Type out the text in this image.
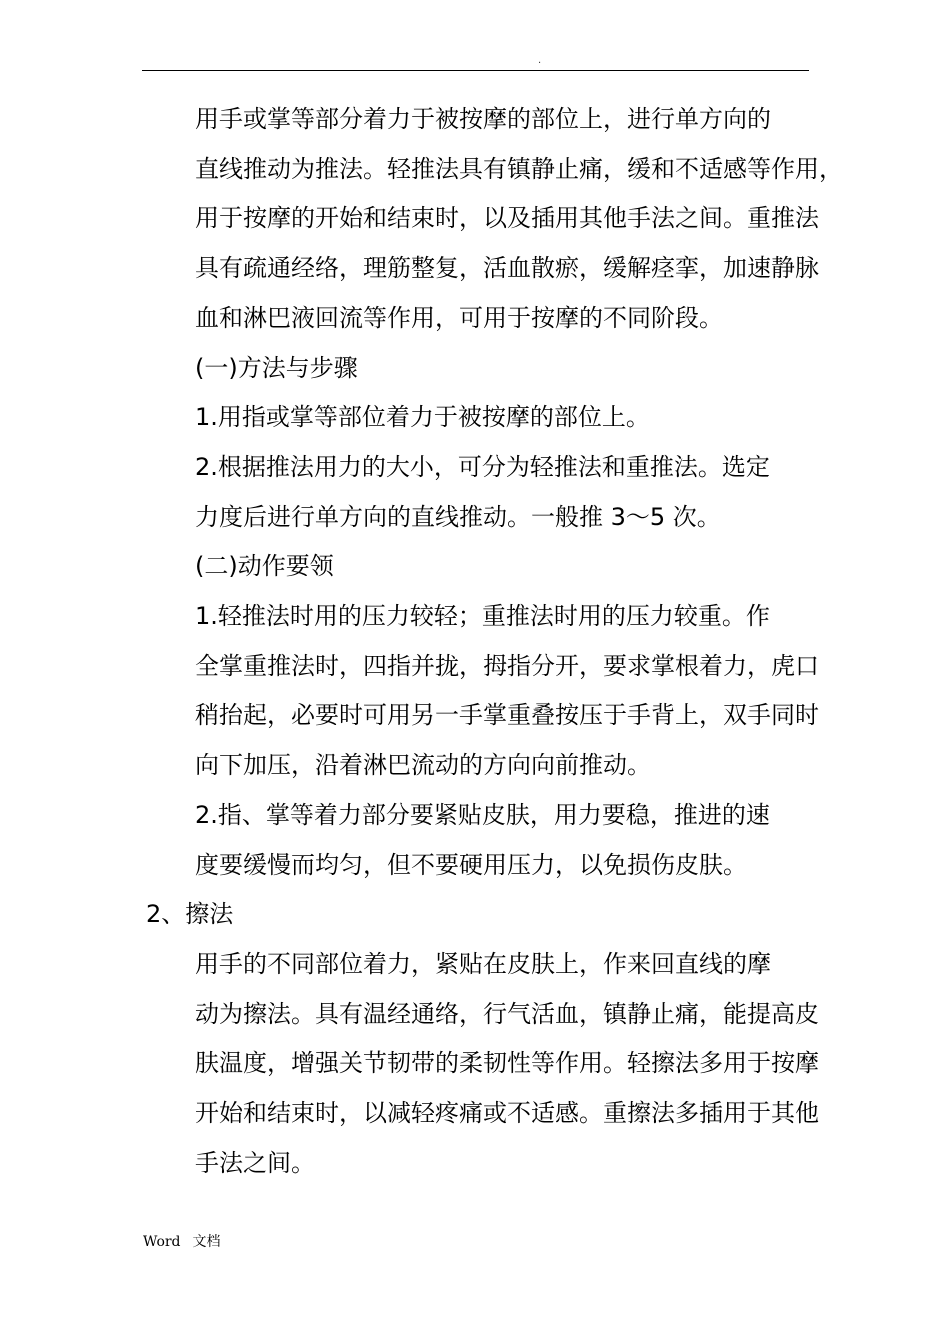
.

用手或掌等部分着力于被按摩的部位上，进行单方向的
直线推动为推法。轻推法具有镇静止痛，缓和不适感等作用，
用于按摩的开始和结束时，以及插用其他手法之间。重推法
具有疏通经络，理筋整复，活血散瘀，缓解痉挛，加速静脉
血和淋巴液回流等作用，可用于按摩的不同阶段。

(一)方法与步骤

1.用指或掌等部位着力于被按摩的部位上。

2.根据推法用力的大小，可分为轻推法和重推法。选定
力度后进行单方向的直线推动。一般推 3～5 次。

(二)动作要领

1.轻推法时用的压力较轻；重推法时用的压力较重。作
全掌重推法时，四指并拢，拇指分开，要求掌根着力，虎口
稍抬起，必要时可用另一手掌重叠按压于手背上，双手同时
向下加压，沿着淋巴流动的方向向前推动。

2.指、掌等着力部分要紧贴皮肤，用力要稳，推进的速
度要缓慢而均匀，但不要硬用压力，以免损伤皮肤。

2、擦法

用手的不同部位着力，紧贴在皮肤上，作来回直线的摩
动为擦法。具有温经通络，行气活血，镇静止痛，能提高皮
肤温度，增强关节韧带的柔韧性等作用。轻擦法多用于按摩
开始和结束时，以减轻疼痛或不适感。重擦法多插用于其他
手法之间。

Word 文档
